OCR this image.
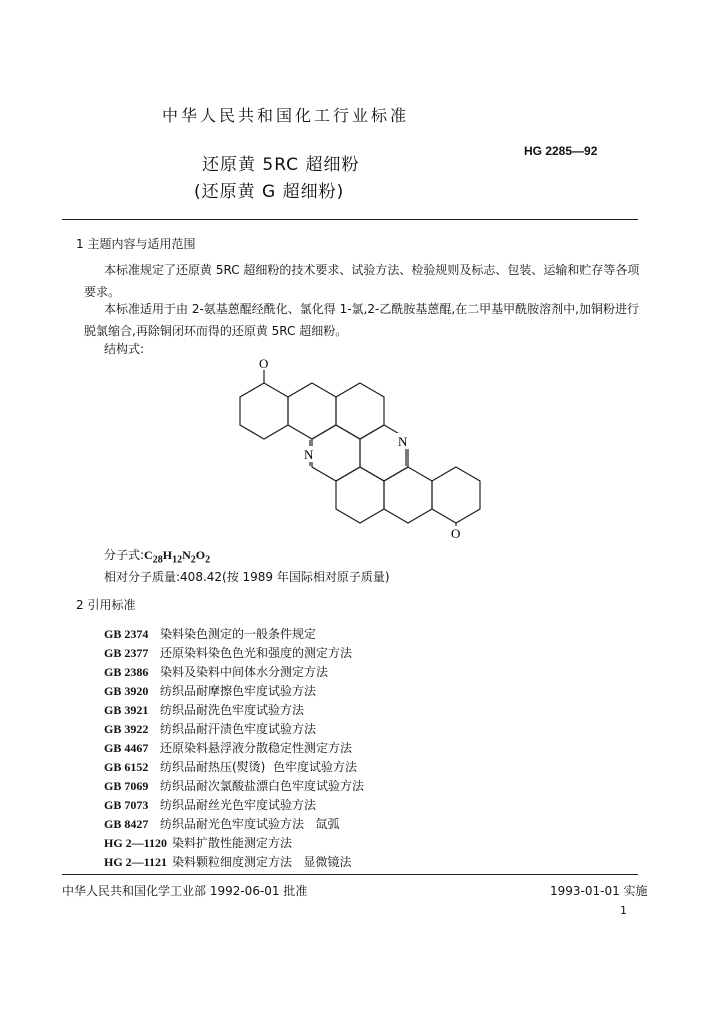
中华人民共和国化工行业标准
HG 2285—92
还原黄 5RC 超细粉
(还原黄 G 超细粉)
1 主题内容与适用范围
本标准规定了还原黄 5RC 超细粉的技术要求、试验方法、检验规则及标志、包装、运输和贮存等各项要求。
本标准适用于由 2-氨基蒽醌经酰化、氯化得 1-氯,2-乙酰胺基蒽醌,在二甲基甲酰胺溶剂中,加铜粉进行脱氯缩合,再除铜闭环而得的还原黄 5RC 超细粉。
结构式:
O
O
N
N
分子式$:C_{28}H_{12}N_2O_2$
相对分子质量:408.42(按 1989 年国际相对原子质量)
2 引用标准
GB 2374 染料染色测定的一般条件规定
GB 2377 还原染料染色色光和强度的测定方法
GB 2386 染料及染料中间体水分测定方法
GB 3920 纺织品耐摩擦色牢度试验方法
GB 3921 纺织品耐洗色牢度试验方法
GB 3922 纺织品耐汗渍色牢度试验方法
GB 4467 还原染料悬浮液分散稳定性测定方法
GB 6152 纺织品耐热压(熨烫)  色牢度试验方法
GB 7069 纺织品耐次氯酸盐漂白色牢度试验方法
GB 7073 纺织品耐丝光色牢度试验方法
GB 8427 纺织品耐光色牢度试验方法   氙弧
HG 2—1120 染料扩散性能测定方法
HG 2—1121 染料颗粒细度测定方法   显微镜法
中华人民共和国化学工业部 1992-06-01 批准	1993-01-01 实施
1
